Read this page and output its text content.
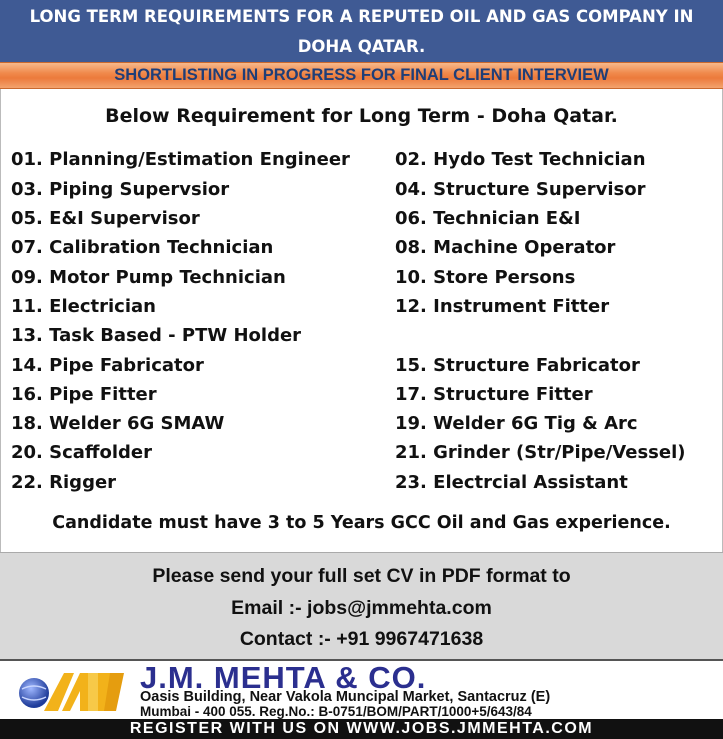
LONG TERM REQUIREMENTS FOR A REPUTED OIL AND GAS COMPANY IN
DOHA QATAR.
SHORTLISTING IN PROGRESS FOR FINAL CLIENT INTERVIEW
Below Requirement for Long Term - Doha Qatar.
01. Planning/Estimation Engineer	02. Hydo Test Technician
03. Piping Supervsior	04. Structure Supervisor
05. E&I Supervisor	06. Technician E&I
07. Calibration Technician	08. Machine Operator
09. Motor Pump Technician	10. Store Persons
11. Electrician	12. Instrument Fitter
13. Task Based - PTW Holder
14. Pipe Fabricator	15. Structure Fabricator
16. Pipe Fitter	17. Structure Fitter
18. Welder 6G SMAW	19. Welder 6G Tig & Arc
20. Scaffolder	21. Grinder (Str/Pipe/Vessel)
22. Rigger	23. Electrcial Assistant
Candidate must have 3 to 5 Years GCC Oil and Gas experience.
Please send your full set CV in PDF format to
Email :- jobs@jmmehta.com
Contact :- +91 9967471638
J.M. MEHTA & CO.
Oasis Building, Near Vakola Muncipal Market, Santacruz (E)
Mumbai - 400 055. Reg.No.: B-0751/BOM/PART/1000+5/643/84
REGISTER WITH US ON WWW.JOBS.JMMEHTA.COM
